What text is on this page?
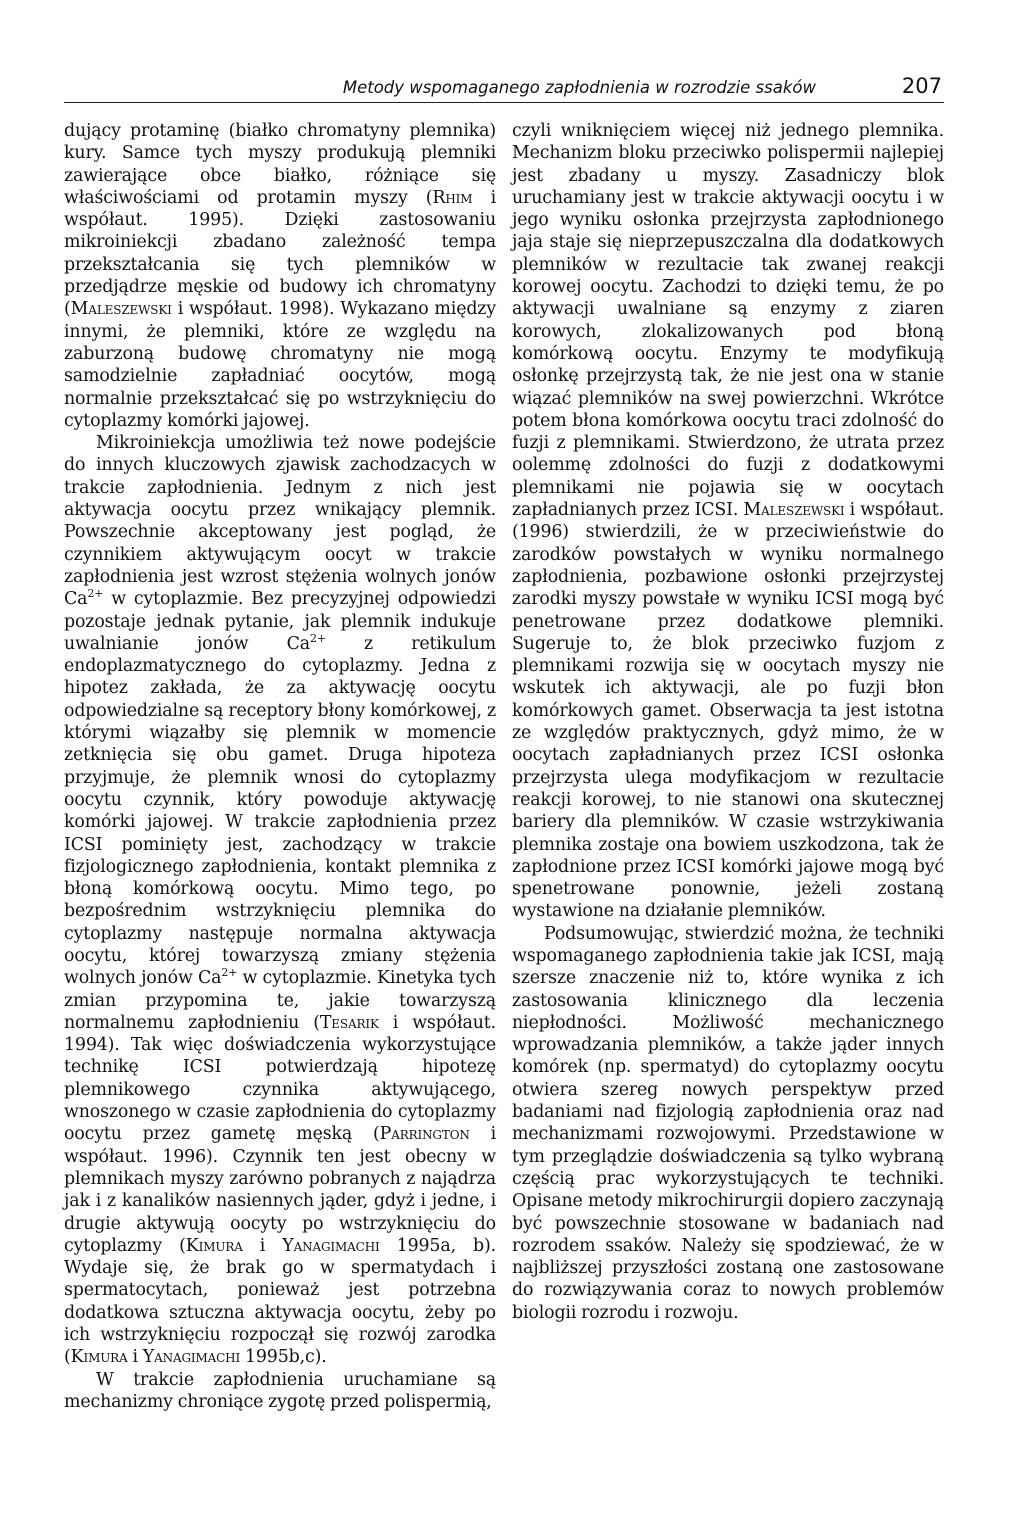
Metody wspomaganego zapłodnienia w rozrodzie ssaków	207

dujący protaminę (białko chromatyny plemnika) kury. Samce tych myszy produkują plemniki zawierające obce białko, różniące się właściwościami od protamin myszy (Rhim i współaut. 1995). Dzięki zastosowaniu mikroiniekcji zbadano zależność tempa przekształcania się tych plemników w przedjądrze męskie od budowy ich chromatyny (Maleszewski i współaut. 1998). Wykazano między innymi, że plemniki, które ze względu na zaburzoną budowę chromatyny nie mogą samodzielnie zapładniać oocytów, mogą normalnie przekształcać się po wstrzyknięciu do cytoplazmy komórki jajowej.

Mikroiniekcja umożliwia też nowe podejście do innych kluczowych zjawisk zachodzacych w trakcie zapłodnienia. Jednym z nich jest aktywacja oocytu przez wnikający plemnik. Powszechnie akceptowany jest pogląd, że czynnikiem aktywującym oocyt w trakcie zapłodnienia jest wzrost stężenia wolnych jonów $Ca^{2+}$ w cytoplazmie. Bez precyzyjnej odpowiedzi pozostaje jednak pytanie, jak plemnik indukuje uwalnianie jonów $Ca^{2+}$ z retikulum endoplazmatycznego do cytoplazmy. Jedna z hipotez zakłada, że za aktywację oocytu odpowiedzialne są receptory błony komórkowej, z którymi wiązałby się plemnik w momencie zetknięcia się obu gamet. Druga hipoteza przyjmuje, że plemnik wnosi do cytoplazmy oocytu czynnik, który powoduje aktywację komórki jajowej. W trakcie zapłodnienia przez ICSI pominięty jest, zachodzący w trakcie fizjologicznego zapłodnienia, kontakt plemnika z błoną komórkową oocytu. Mimo tego, po bezpośrednim wstrzyknięciu plemnika do cytoplazmy następuje normalna aktywacja oocytu, której towarzyszą zmiany stężenia wolnych jonów $Ca^{2+}$ w cytoplazmie. Kinetyka tych zmian przypomina te, jakie towarzyszą normalnemu zapłodnieniu (Tesarik i współaut. 1994). Tak więc doświadczenia wykorzystujące technikę ICSI potwierdzają hipotezę plemnikowego czynnika aktywującego, wnoszonego w czasie zapłodnienia do cytoplazmy oocytu przez gametę męską (Parrington i współaut. 1996). Czynnik ten jest obecny w plemnikach myszy zarówno pobranych z najądrza jak i z kanalików nasiennych jąder, gdyż i jedne, i drugie aktywują oocyty po wstrzyknięciu do cytoplazmy (Kimura i Yanagimachi 1995a, b). Wydaje się, że brak go w spermatydach i spermatocytach, ponieważ jest potrzebna dodatkowa sztuczna aktywacja oocytu, żeby po ich wstrzyknięciu rozpoczął się rozwój zarodka (Kimura i Yanagimachi 1995b,c).

W trakcie zapłodnienia uruchamiane są mechanizmy chroniące zygotę przed polispermią,

czyli wniknięciem więcej niż jednego plemnika. Mechanizm bloku przeciwko polispermii najlepiej jest zbadany u myszy. Zasadniczy blok uruchamiany jest w trakcie aktywacji oocytu i w jego wyniku osłonka przejrzysta zapłodnionego jaja staje się nieprzepuszczalna dla dodatkowych plemników w rezultacie tak zwanej reakcji korowej oocytu. Zachodzi to dzięki temu, że po aktywacji uwalniane są enzymy z ziaren korowych, zlokalizowanych pod błoną komórkową oocytu. Enzymy te modyfikują osłonkę przejrzystą tak, że nie jest ona w stanie wiązać plemników na swej powierzchni. Wkrótce potem błona komórkowa oocytu traci zdolność do fuzji z plemnikami. Stwierdzono, że utrata przez oolemmę zdolności do fuzji z dodatkowymi plemnikami nie pojawia się w oocytach zapładnianych przez ICSI. Maleszewski i współaut. (1996) stwierdzili, że w przeciwieństwie do zarodków powstałych w wyniku normalnego zapłodnienia, pozbawione osłonki przejrzystej zarodki myszy powstałe w wyniku ICSI mogą być penetrowane przez dodatkowe plemniki. Sugeruje to, że blok przeciwko fuzjom z plemnikami rozwija się w oocytach myszy nie wskutek ich aktywacji, ale po fuzji błon komórkowych gamet. Obserwacja ta jest istotna ze względów praktycznych, gdyż mimo, że w oocytach zapładnianych przez ICSI osłonka przejrzysta ulega modyfikacjom w rezultacie reakcji korowej, to nie stanowi ona skutecznej bariery dla plemników. W czasie wstrzykiwania plemnika zostaje ona bowiem uszkodzona, tak że zapłodnione przez ICSI komórki jajowe mogą być spenetrowane ponownie, jeżeli zostaną wystawione na działanie plemników.

Podsumowując, stwierdzić można, że techniki wspomaganego zapłodnienia takie jak ICSI, mają szersze znaczenie niż to, które wynika z ich zastosowania klinicznego dla leczenia niepłodności. Możliwość mechanicznego wprowadzania plemników, a także jąder innych komórek (np. spermatyd) do cytoplazmy oocytu otwiera szereg nowych perspektyw przed badaniami nad fizjologią zapłodnienia oraz nad mechanizmami rozwojowymi. Przedstawione w tym przeglądzie doświadczenia są tylko wybraną częścią prac wykorzystujących te techniki. Opisane metody mikrochirurgii dopiero zaczynają być powszechnie stosowane w badaniach nad rozrodem ssaków. Należy się spodziewać, że w najbliższej przyszłości zostaną one zastosowane do rozwiązywania coraz to nowych problemów biologii rozrodu i rozwoju.
